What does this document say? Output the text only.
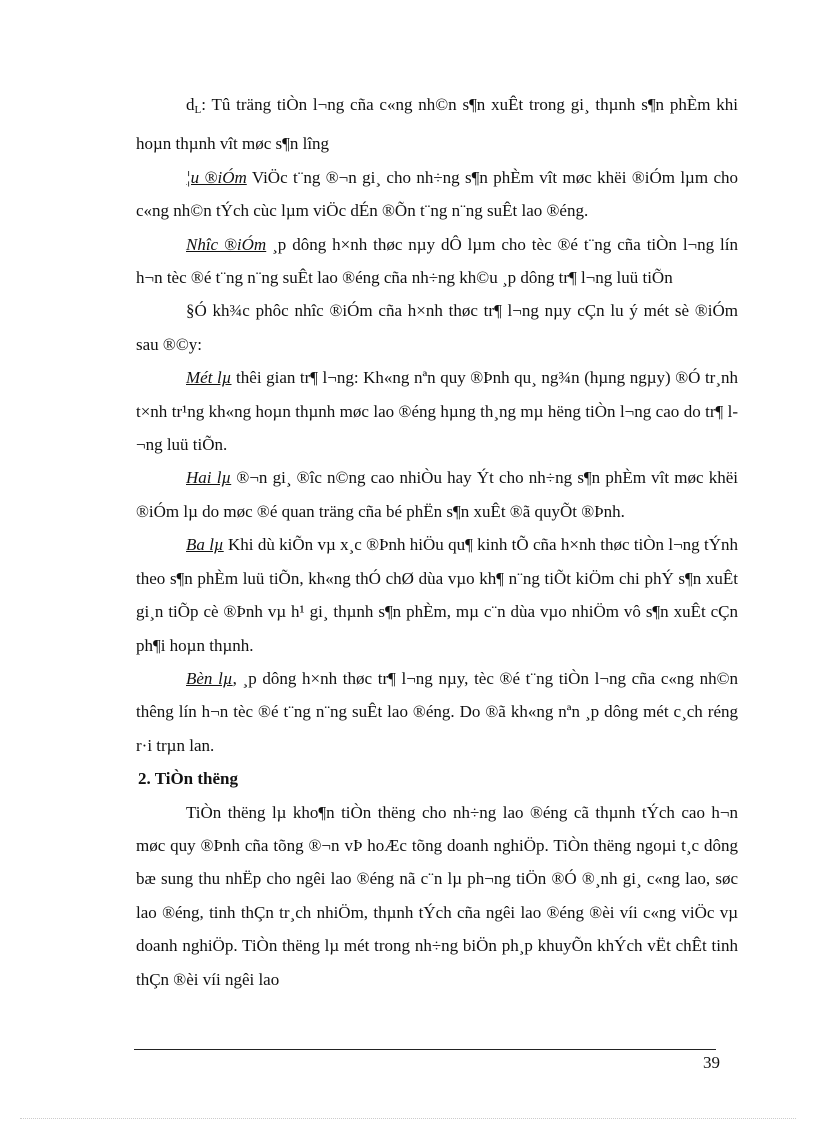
$d_L$: Tû träng tiÒn l¬ng cña c«ng nh©n s¶n xuÊt trong gi¸ thµnh s¶n phÈm khi hoµn thµnh vît møc s¶n lîng

¦u ®iÓm ViÖc t¨ng ®¬n gi¸ cho nh÷ng s¶n phÈm vît møc khëi ®iÓm lµm cho c«ng nh©n tÝch cùc lµm viÖc dÉn ®Õn t¨ng n¨ng suÊt lao ®éng.

Nhîc ®iÓm ¸p dông h×nh thøc nµy dÔ lµm cho tèc ®é t¨ng cña tiÒn l¬ng lín h¬n tèc ®é t¨ng n¨ng suÊt lao ®éng cña nh÷ng kh©u ¸p dông tr¶ l¬ng luü tiÕn

§Ó kh¾c phôc nhîc ®iÓm cña h×nh thøc tr¶ l¬ng nµy cÇn lu ý mét sè ®iÓm sau ®©y:

Mét lµ thêi gian tr¶ l¬ng: Kh«ng nªn quy ®Þnh qu¸ ng¾n (hµng ngµy) ®Ó tr¸nh t×nh tr¹ng kh«ng hoµn thµnh møc lao ®éng hµng th¸ng mµ hëng tiÒn l¬ng cao do tr¶ l¬ng luü tiÕn.

Hai lµ ®¬n gi¸ ®îc n©ng cao nhiÒu hay Ýt cho nh÷ng s¶n phÈm vît møc khëi ®iÓm lµ do møc ®é quan träng cña bé phËn s¶n xuÊt ®ã quyÕt ®Þnh.

Ba lµ Khi dù kiÕn vµ x¸c ®Þnh hiÖu qu¶ kinh tÕ cña h×nh thøc tiÒn l¬ng tÝnh theo s¶n phÈm luü tiÕn, kh«ng thÓ chØ dùa vµo kh¶ n¨ng tiÕt kiÖm chi phÝ s¶n xuÊt gi¸n tiÕp cè ®Þnh vµ h¹ gi¸ thµnh s¶n phÈm, mµ c¨n dùa vµo nhiÖm vô s¶n xuÊt cÇn ph¶i hoµn thµnh.

Bèn lµ, ¸p dông h×nh thøc tr¶ l¬ng nµy, tèc ®é t¨ng tiÒn l¬ng cña c«ng nh©n thêng lín h¬n tèc ®é t¨ng n¨ng suÊt lao ®éng. Do ®ã kh«ng nªn ¸p dông mét c¸ch réng r·i trµn lan.

2. TiÒn thëng

TiÒn thëng lµ kho¶n tiÒn thëng cho nh÷ng lao ®éng cã thµnh tÝch cao h¬n møc quy ®Þnh cña tõng ®¬n vÞ hoÆc tõng doanh nghiÖp. TiÒn thëng ngoµi t¸c dông bæ sung thu nhËp cho ngêi lao ®éng nã c¨n lµ ph¬ng tiÖn ®Ó ®¸nh gi¸ c«ng lao, søc lao ®éng, tinh thÇn tr¸ch nhiÖm, thµnh tÝch cña ngêi lao ®éng ®èi víi c«ng viÖc vµ doanh nghiÖp. TiÒn thëng lµ mét trong nh÷ng biÖn ph¸p khuyÕn khÝch vËt chÊt tinh thÇn ®èi víi ngêi lao

39
